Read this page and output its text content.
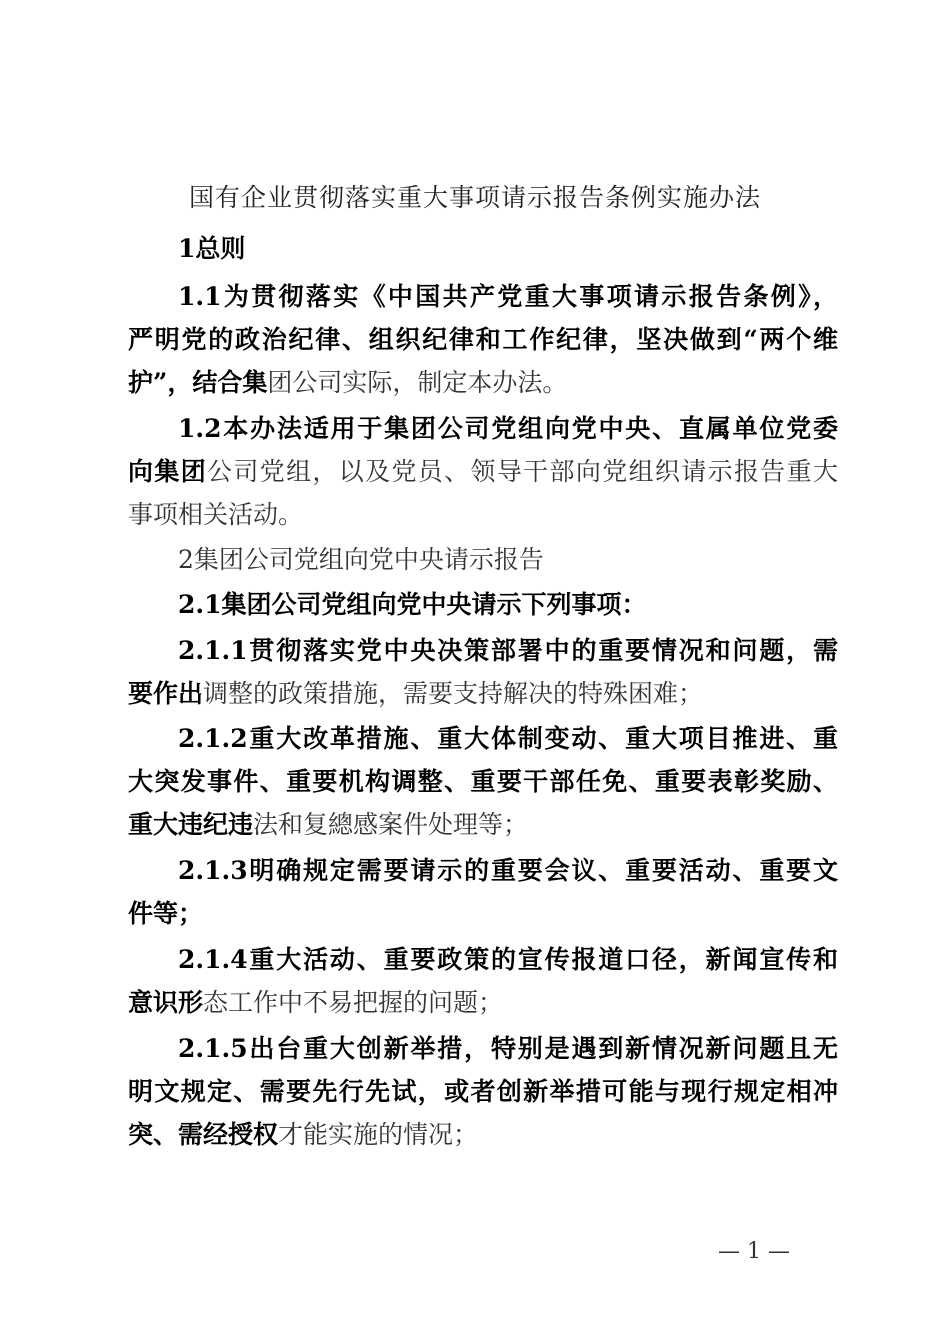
国有企业贯彻落实重大事项请示报告条例实施办法
1总则
1.1为贯彻落实《中国共产党重大事项请示报告条例》，
严明党的政治纪律、组织纪律和工作纪律，坚决做到“两个维
护”，结合集团公司实际，制定本办法。
1.2本办法适用于集团公司党组向党中央、直属单位党委
向集团公司党组，以及党员、领导干部向党组织请示报告重大
事项相关活动。
2集团公司党组向党中央请示报告
2.1集团公司党组向党中央请示下列事项：
2.1.1贯彻落实党中央决策部署中的重要情况和问题，需
要作出调整的政策措施，需要支持解决的特殊困难；
2.1.2重大改革措施、重大体制变动、重大项目推进、重
大突发事件、重要机构调整、重要干部任免、重要表彰奖励、
重大违纪违法和复總感案件处理等；
2.1.3明确规定需要请示的重要会议、重要活动、重要文
件等；
2.1.4重大活动、重要政策的宣传报道口径，新闻宣传和
意识形态工作中不易把握的问题；
2.1.5出台重大创新举措，特别是遇到新情况新问题且无
明文规定、需要先行先试，或者创新举措可能与现行规定相冲
突、需经授权才能实施的情况；
— 1 —
